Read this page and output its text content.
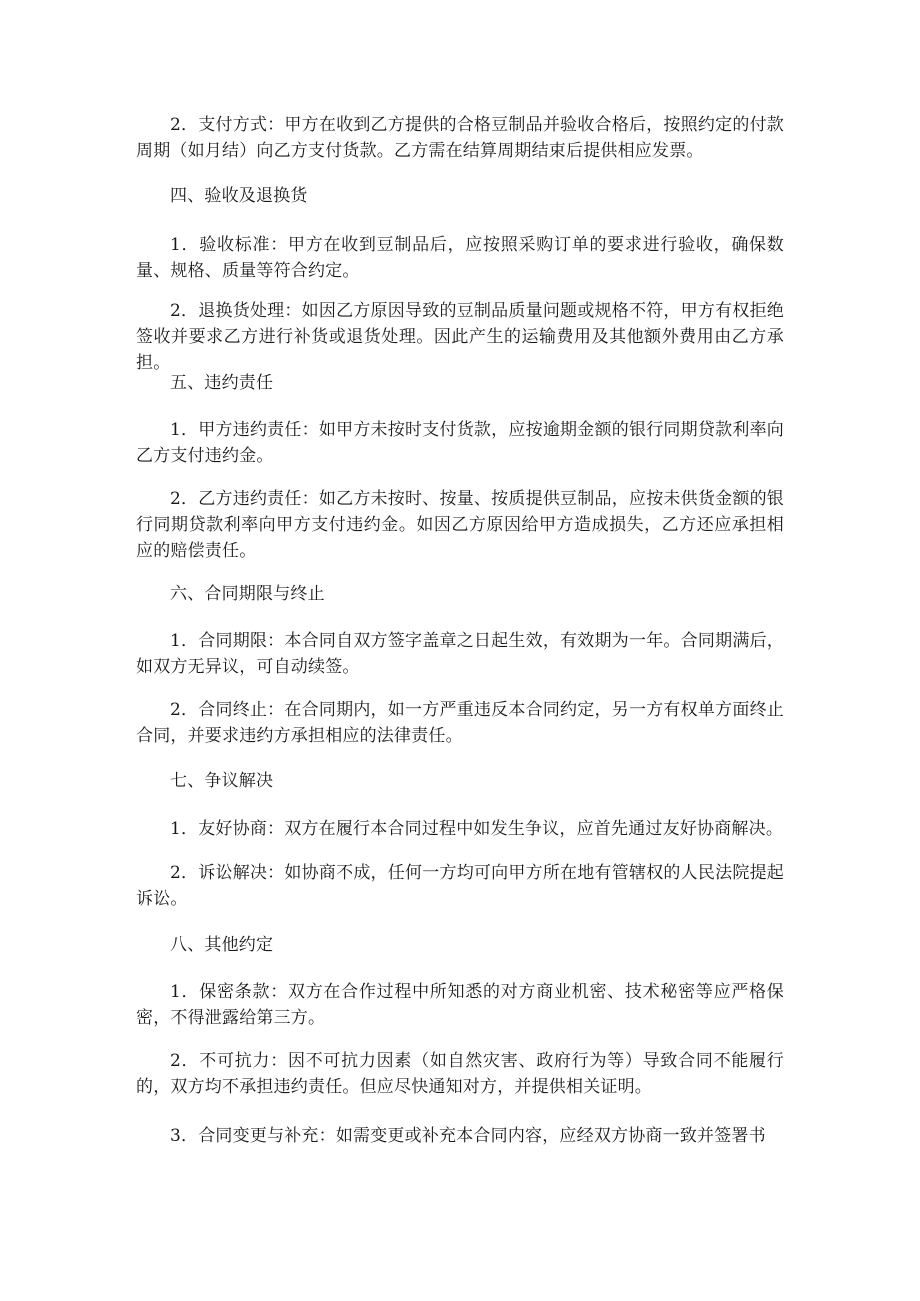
2．支付方式：甲方在收到乙方提供的合格豆制品并验收合格后，按照约定的付款周期（如月结）向乙方支付货款。乙方需在结算周期结束后提供相应发票。
四、验收及退换货
1．验收标准：甲方在收到豆制品后，应按照采购订单的要求进行验收，确保数量、规格、质量等符合约定。
2．退换货处理：如因乙方原因导致的豆制品质量问题或规格不符，甲方有权拒绝签收并要求乙方进行补货或退货处理。因此产生的运输费用及其他额外费用由乙方承担。
五、违约责任
1．甲方违约责任：如甲方未按时支付货款，应按逾期金额的银行同期贷款利率向乙方支付违约金。
2．乙方违约责任：如乙方未按时、按量、按质提供豆制品，应按未供货金额的银行同期贷款利率向甲方支付违约金。如因乙方原因给甲方造成损失，乙方还应承担相应的赔偿责任。
六、合同期限与终止
1．合同期限：本合同自双方签字盖章之日起生效，有效期为一年。合同期满后，如双方无异议，可自动续签。
2．合同终止：在合同期内，如一方严重违反本合同约定，另一方有权单方面终止合同，并要求违约方承担相应的法律责任。
七、争议解决
1．友好协商：双方在履行本合同过程中如发生争议，应首先通过友好协商解决。
2．诉讼解决：如协商不成，任何一方均可向甲方所在地有管辖权的人民法院提起诉讼。
八、其他约定
1．保密条款：双方在合作过程中所知悉的对方商业机密、技术秘密等应严格保密，不得泄露给第三方。
2．不可抗力：因不可抗力因素（如自然灾害、政府行为等）导致合同不能履行的，双方均不承担违约责任。但应尽快通知对方，并提供相关证明。
3．合同变更与补充：如需变更或补充本合同内容，应经双方协商一致并签署书
